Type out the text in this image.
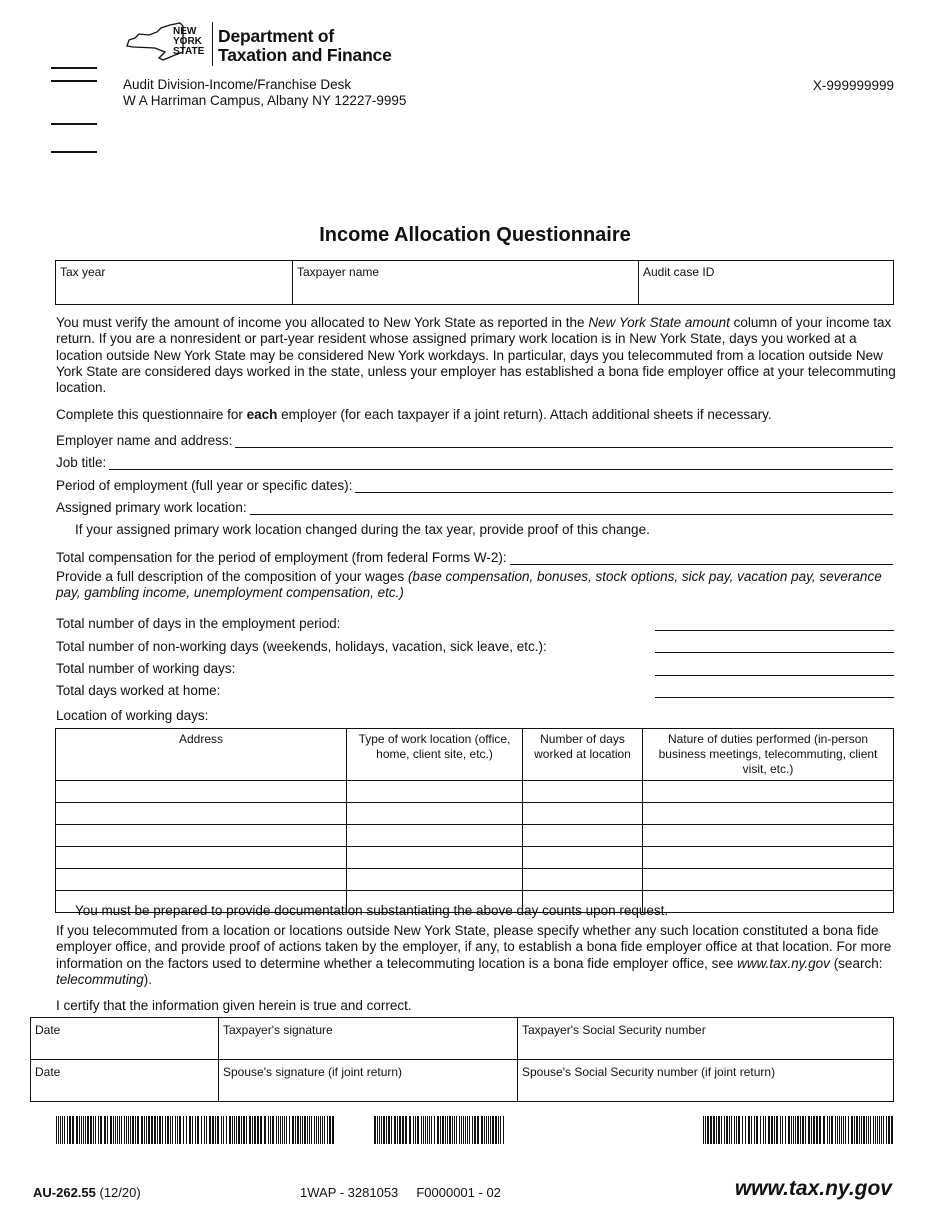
NEW
YORK
STATE
Department of
Taxation and Finance
Audit Division-Income/Franchise Desk
W A Harriman Campus, Albany NY 12227-9995
X-999999999
Income Allocation Questionnaire
Tax year	Taxpayer name	Audit case ID
You must verify the amount of income you allocated to New York State as reported in the New York State amount column of your income tax return. If you are a nonresident or part-year resident whose assigned primary work location is in New York State, days you worked at a location outside New York State may be considered New York workdays. In particular, days you telecommuted from a location outside New York State are considered days worked in the state, unless your employer has established a bona fide employer office at your telecommuting location.
Complete this questionnaire for each employer (for each taxpayer if a joint return). Attach additional sheets if necessary.
Employer name and address:
Job title:
Period of employment (full year or specific dates):
Assigned primary work location:
If your assigned primary work location changed during the tax year, provide proof of this change.
Total compensation for the period of employment (from federal Forms W-2):
Provide a full description of the composition of your wages (base compensation, bonuses, stock options, sick pay, vacation pay, severance pay, gambling income, unemployment compensation, etc.)
Total number of days in the employment period:
Total number of non-working days (weekends, holidays, vacation, sick leave, etc.):
Total number of working days:
Total days worked at home:
Location of working days:
Address	Type of work location (office, home, client site, etc.)	Number of days worked at location	Nature of duties performed (in-person business meetings, telecommuting, client visit, etc.)

You must be prepared to provide documentation substantiating the above day counts upon request.
If you telecommuted from a location or locations outside New York State, please specify whether any such location constituted a bona fide employer office, and provide proof of actions taken by the employer, if any, to establish a bona fide employer office at that location. For more information on the factors used to determine whether a telecommuting location is a bona fide employer office, see www.tax.ny.gov (search: telecommuting).
I certify that the information given herein is true and correct.
Date	Taxpayer's signature	Taxpayer's Social Security number
Date	Spouse's signature (if joint return)	Spouse's Social Security number (if joint return)
AU-262.55 (12/20)	1WAP - 3281053     F0000001 - 02	www.tax.ny.gov
